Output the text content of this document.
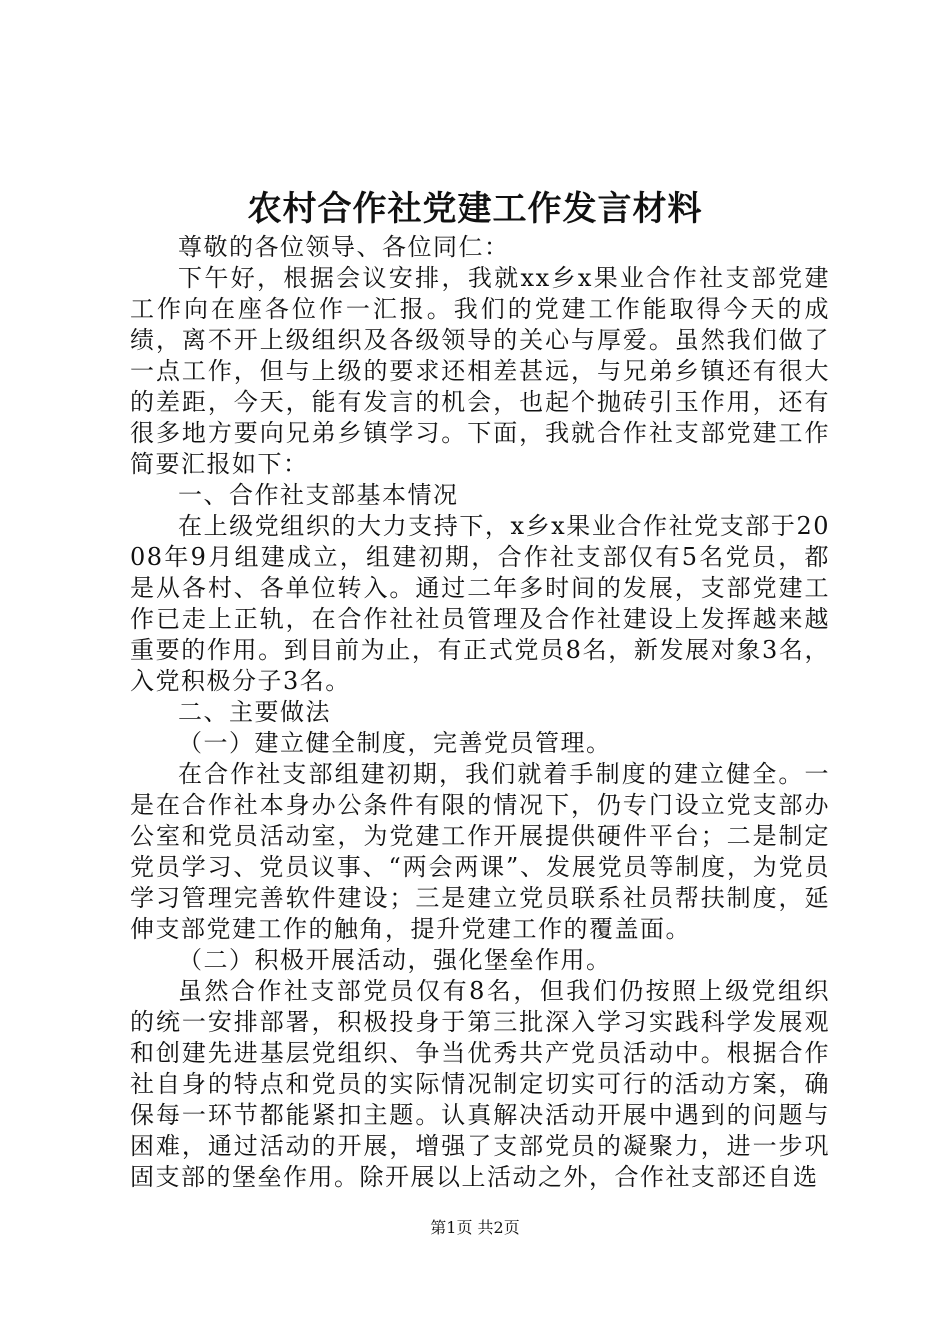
农村合作社党建工作发言材料

尊敬的各位领导、各位同仁：

下午好，根据会议安排，我就xx乡x果业合作社支部党建工作向在座各位作一汇报。我们的党建工作能取得今天的成绩，离不开上级组织及各级领导的关心与厚爱。虽然我们做了一点工作，但与上级的要求还相差甚远，与兄弟乡镇还有很大的差距，今天，能有发言的机会，也起个抛砖引玉作用，还有很多地方要向兄弟乡镇学习。下面，我就合作社支部党建工作简要汇报如下：

一、合作社支部基本情况

在上级党组织的大力支持下，x乡x果业合作社党支部于2008年9月组建成立，组建初期，合作社支部仅有5名党员，都是从各村、各单位转入。通过二年多时间的发展，支部党建工作已走上正轨，在合作社社员管理及合作社建设上发挥越来越重要的作用。到目前为止，有正式党员8名，新发展对象3名，入党积极分子3名。

二、主要做法

（一）建立健全制度，完善党员管理。

在合作社支部组建初期，我们就着手制度的建立健全。一是在合作社本身办公条件有限的情况下，仍专门设立党支部办公室和党员活动室，为党建工作开展提供硬件平台；二是制定党员学习、党员议事、“两会两课”、发展党员等制度，为党员学习管理完善软件建设；三是建立党员联系社员帮扶制度，延伸支部党建工作的触角，提升党建工作的覆盖面。

（二）积极开展活动，强化堡垒作用。

虽然合作社支部党员仅有8名，但我们仍按照上级党组织的统一安排部署，积极投身于第三批深入学习实践科学发展观和创建先进基层党组织、争当优秀共产党员活动中。根据合作社自身的特点和党员的实际情况制定切实可行的活动方案，确保每一环节都能紧扣主题。认真解决活动开展中遇到的问题与困难，通过活动的开展，增强了支部党员的凝聚力，进一步巩固支部的堡垒作用。除开展以上活动之外，合作社支部还自选

第1页 共2页
